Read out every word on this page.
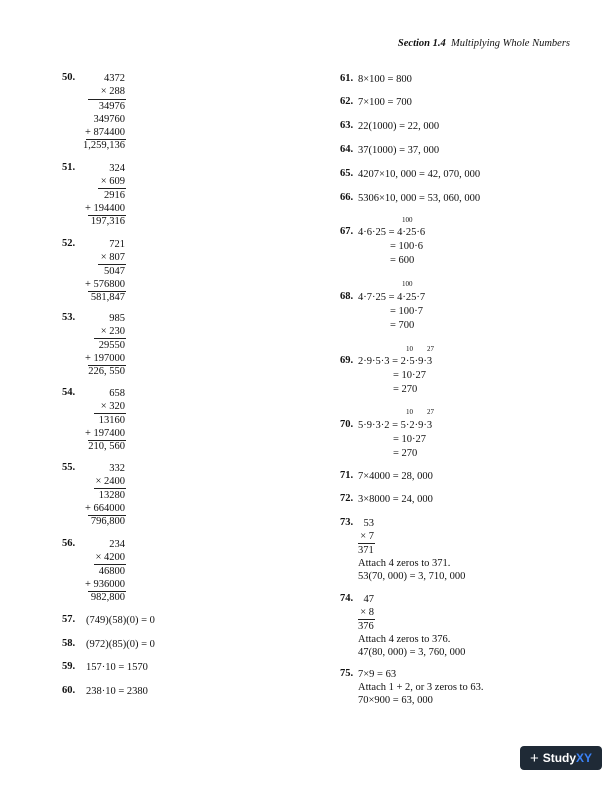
Section 1.4 Multiplying Whole Numbers
50.	4372
× 288
34976
349760
+ 874400
1,259,136
51.	324
× 609
2916
+ 194400
197,316
52.	721
× 807
5047
+ 576800
581,847
53.	985
× 230
29550
+ 197000
226, 550
54.	658
× 320
13160
+ 197400
210, 560
55.	332
× 2400
13280
+ 664000
796,800
56.	234
× 4200
46800
+ 936000
982,800
57. (749)(58)(0) = 0
58. (972)(85)(0) = 0
59. 157·10 = 1570
60. 238·10 = 2380
61. 8×100 = 800
62. 7×100 = 700
63. 22(1000) = 22, 000
64. 37(1000) = 37, 000
65. 4207×10, 000 = 42, 070, 000
66. 5306×10, 000 = 53, 060, 000
100
67. 4·6·25 = 4·25·6
= 100·6
= 600
100
68. 4·7·25 = 4·25·7
= 100·7
= 700
10 27
69. 2·9·5·3 = 2·5·9·3
= 10·27
= 270
10 27
70. 5·9·3·2 = 5·2·9·3
= 10·27
= 270
71. 7×4000 = 28, 000
72. 3×8000 = 24, 000
73. 53
× 7
371
Attach 4 zeros to 371.
53(70, 000) = 3, 710, 000
74. 47
× 8
376
Attach 4 zeros to 376.
47(80, 000) = 3, 760, 000
75. 7×9 = 63
Attach 1 + 2, or 3 zeros to 63.
70×900 = 63, 000
+ Study XY
